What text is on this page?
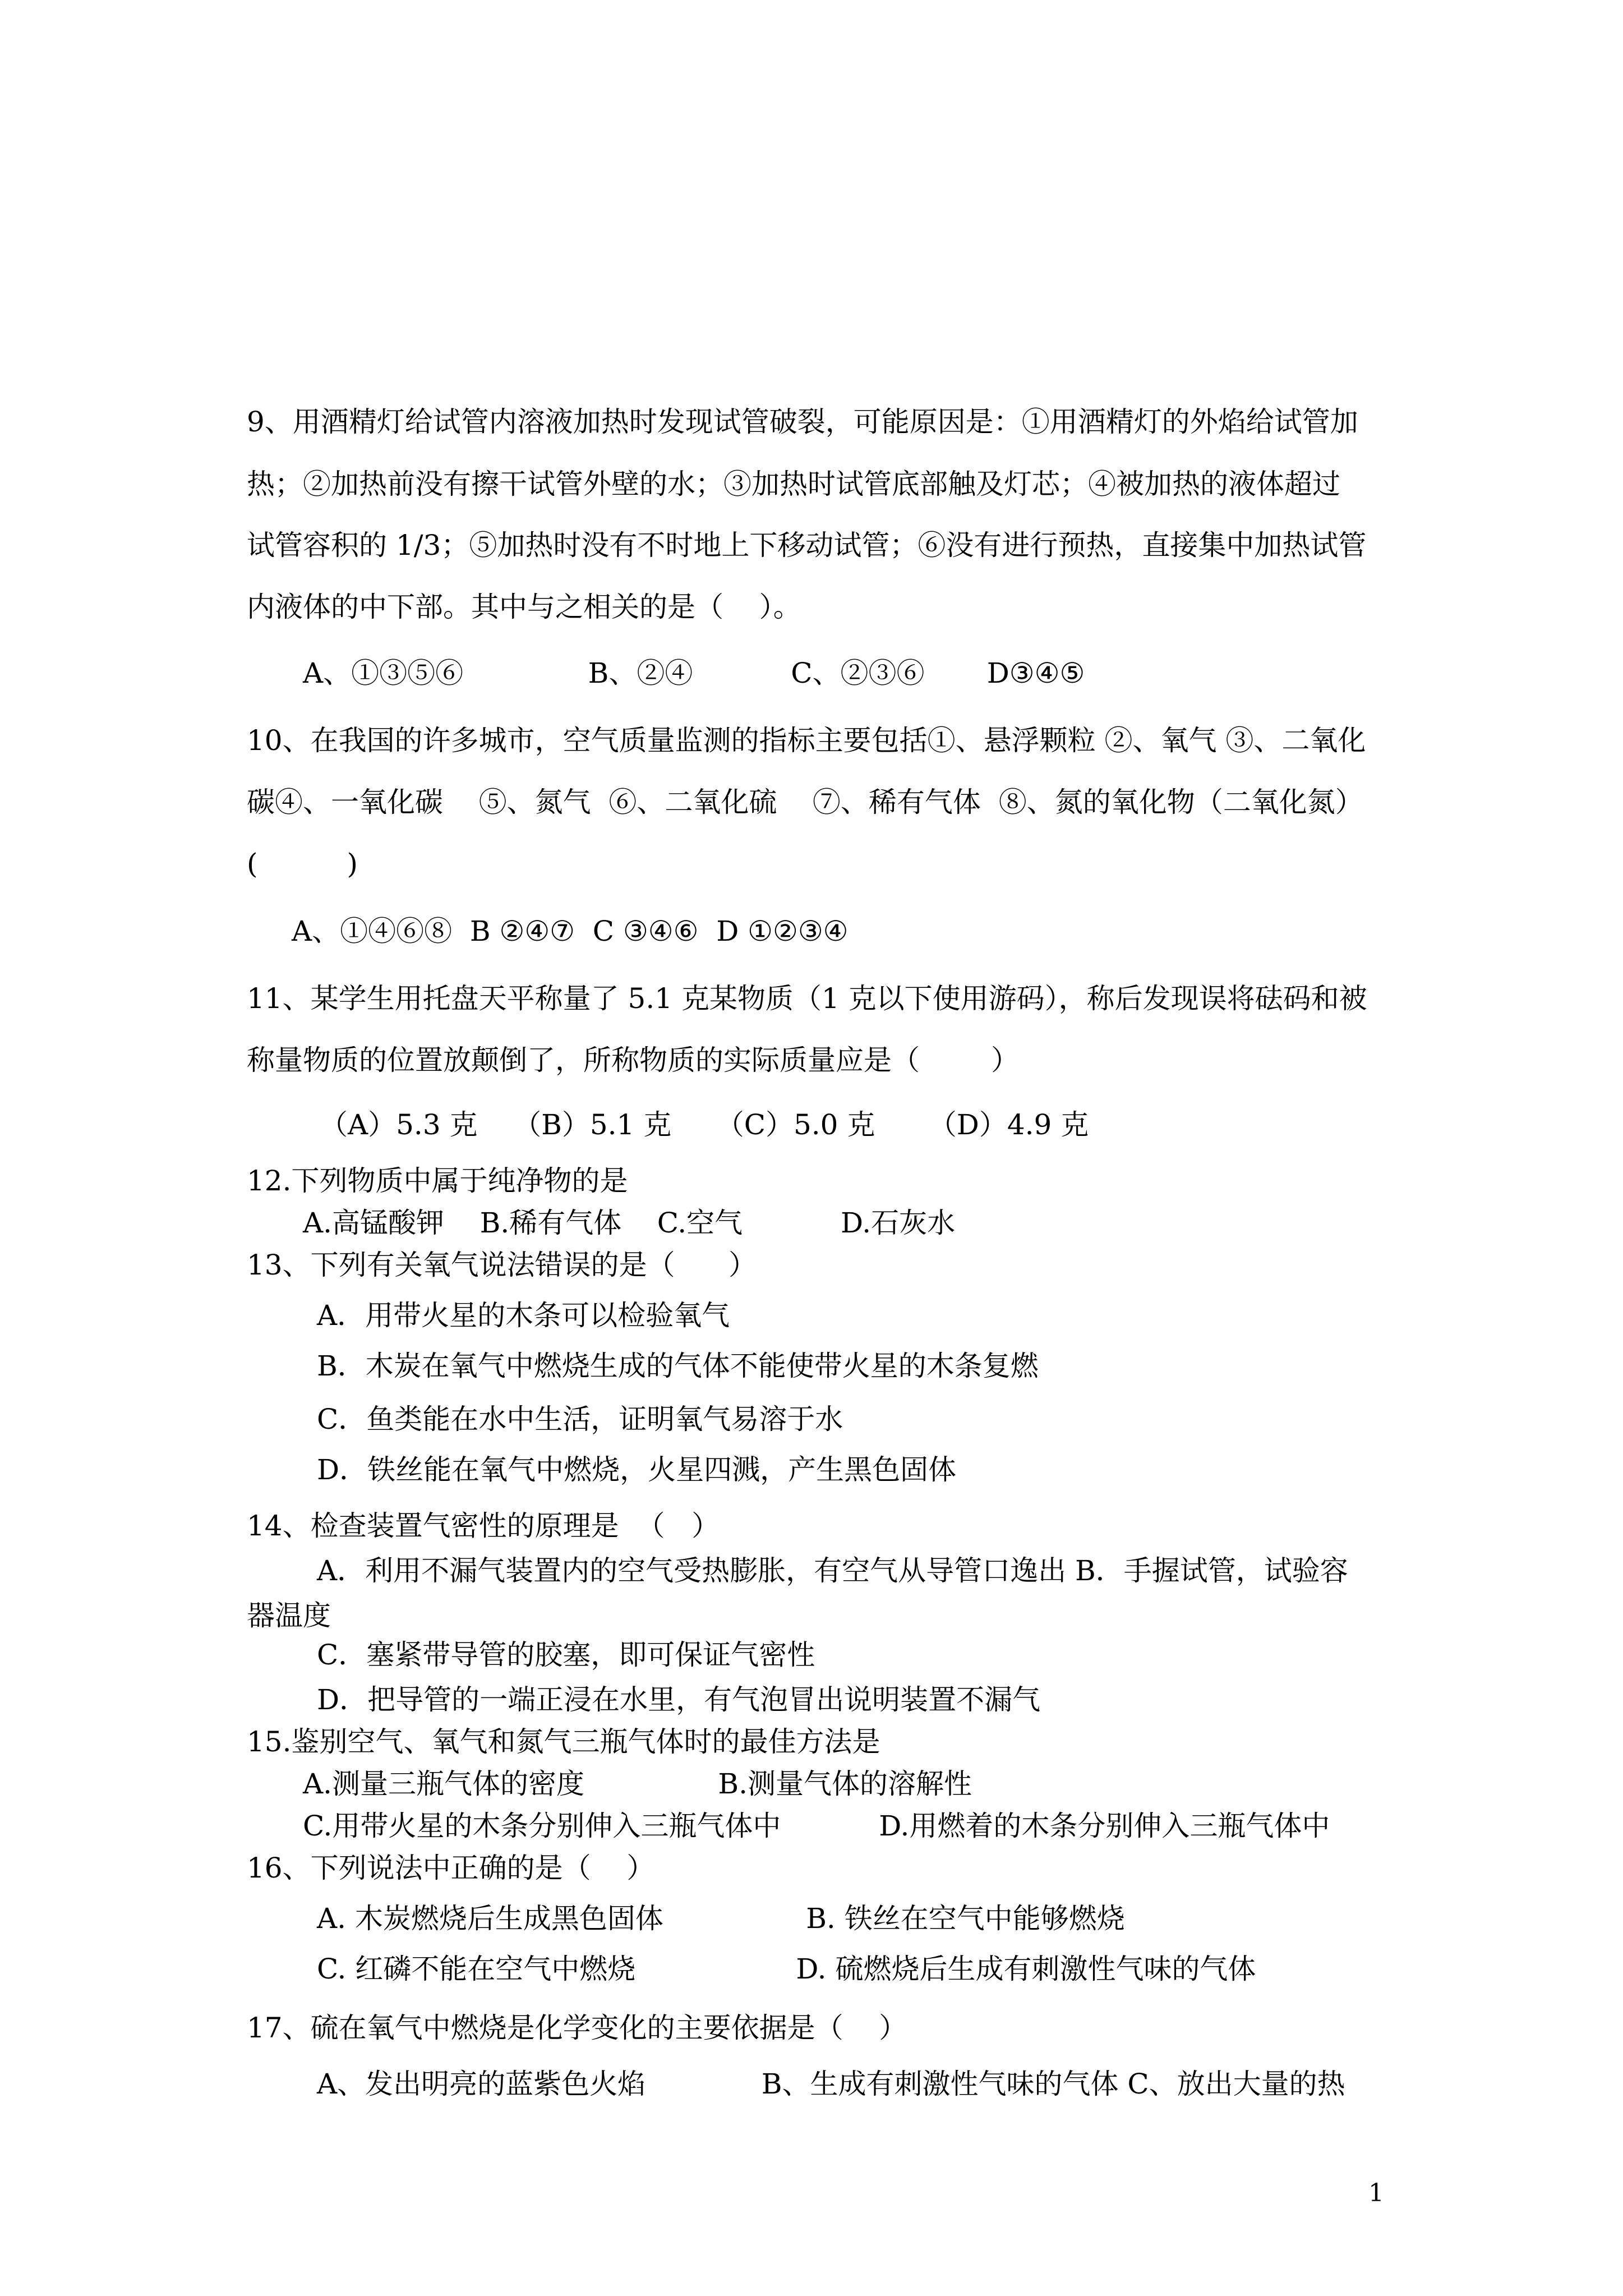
9、用酒精灯给试管内溶液加热时发现试管破裂，可能原因是：①用酒精灯的外焰给试管加
热；②加热前没有擦干试管外壁的水；③加热时试管底部触及灯芯；④被加热的液体超过
试管容积的 1/3；⑤加热时没有不时地上下移动试管；⑥没有进行预热，直接集中加热试管
内液体的中下部。其中与之相关的是（    ）。
A、①③⑤⑥              B、②④           C、②③⑥       D③④⑤
10、在我国的许多城市，空气质量监测的指标主要包括①、悬浮颗粒 ②、氧气 ③、二氧化
碳④、一氧化碳    ⑤、氮气  ⑥、二氧化硫    ⑦、稀有气体  ⑧、氮的氧化物（二氧化氮）
(          )
A、①④⑥⑧  B ②④⑦  C ③④⑥  D ①②③④
11、某学生用托盘天平称量了 5.1 克某物质（1 克以下使用游码），称后发现误将砝码和被
称量物质的位置放颠倒了，所称物质的实际质量应是（        ）
（A）5.3 克    （B）5.1 克     （C）5.0 克      （D）4.9 克
12.下列物质中属于纯净物的是
A.高锰酸钾    B.稀有气体    C.空气           D.石灰水
13、下列有关氧气说法错误的是（      ）
A．用带火星的木条可以检验氧气
B．木炭在氧气中燃烧生成的气体不能使带火星的木条复燃
C．鱼类能在水中生活，证明氧气易溶于水
D．铁丝能在氧气中燃烧，火星四溅，产生黑色固体
14、检查装置气密性的原理是  （   ）
A．利用不漏气装置内的空气受热膨胀，有空气从导管口逸出 B．手握试管，试验容
器温度
C．塞紧带导管的胶塞，即可保证气密性
D．把导管的一端正浸在水里，有气泡冒出说明装置不漏气
15.鉴别空气、氧气和氮气三瓶气体时的最佳方法是
A.测量三瓶气体的密度               B.测量气体的溶解性
C.用带火星的木条分别伸入三瓶气体中           D.用燃着的木条分别伸入三瓶气体中
16、下列说法中正确的是（    ）
A. 木炭燃烧后生成黑色固体                B. 铁丝在空气中能够燃烧
C. 红磷不能在空气中燃烧                  D. 硫燃烧后生成有刺激性气味的气体
17、硫在氧气中燃烧是化学变化的主要依据是（    ）
A、发出明亮的蓝紫色火焰             B、生成有刺激性气味的气体 C、放出大量的热
1
